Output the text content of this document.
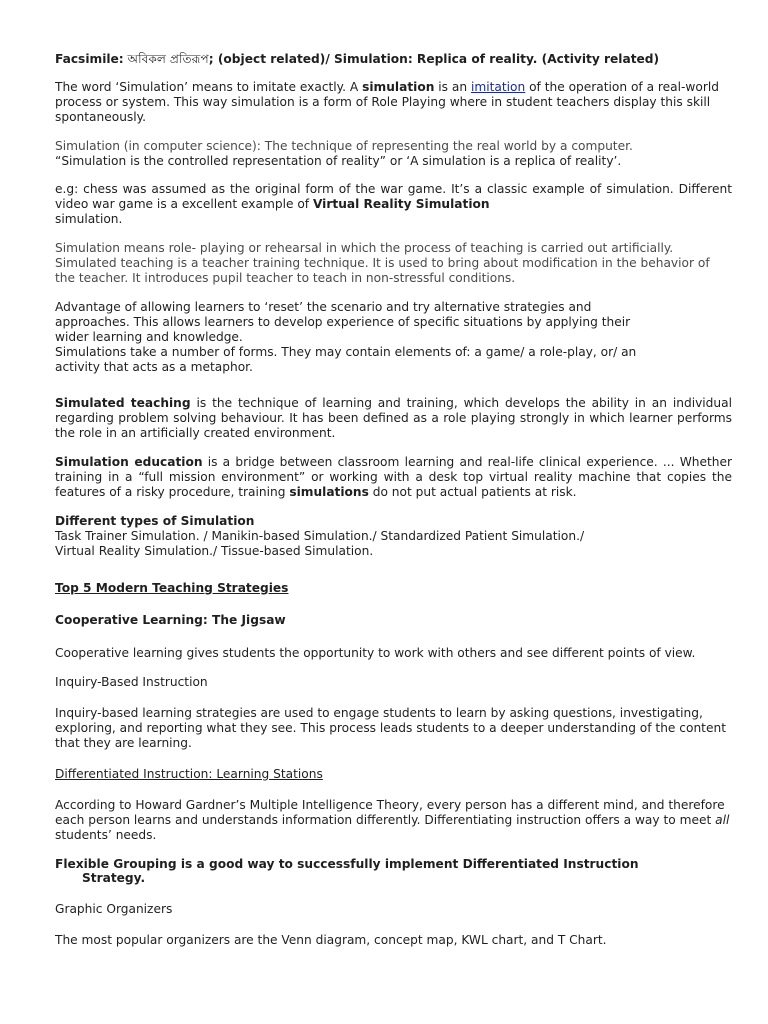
Facsimile: অবিকল প্রতিরূপ; (object related)/ Simulation: Replica of reality. (Activity related)
The word ‘Simulation’ means to imitate exactly. A simulation is an imitation of the operation of a real-world process or system. This way simulation is a form of Role Playing where in student teachers display this skill spontaneously.
Simulation (in computer science): The technique of representing the real world by a computer.
“Simulation is the controlled representation of reality” or ‘A simulation is a replica of reality’.
e.g: chess was assumed as the original form of the war game. It’s a classic example of simulation. Different video war game is a excellent example of Virtual Reality Simulation
simulation.
Simulation means role- playing or rehearsal in which the process of teaching is carried out artificially. Simulated teaching is a teacher training technique. It is used to bring about modification in the behavior of the teacher. It introduces pupil teacher to teach in non-stressful conditions.
Advantage of allowing learners to ‘reset’ the scenario and try alternative strategies and
approaches. This allows learners to develop experience of specific situations by applying their
wider learning and knowledge.
Simulations take a number of forms. They may contain elements of: a game/ a role-play, or/ an
activity that acts as a metaphor.
Simulated teaching is the technique of learning and training, which develops the ability in an individual regarding problem solving behaviour. It has been defined as a role playing strongly in which learner performs the role in an artificially created environment.
Simulation education is a bridge between classroom learning and real-life clinical experience. ... Whether training in a “full mission environment” or working with a desk top virtual reality machine that copies the features of a risky procedure, training simulations do not put actual patients at risk.
Different types of Simulation
Task Trainer Simulation. / Manikin-based Simulation./ Standardized Patient Simulation./
Virtual Reality Simulation./ Tissue-based Simulation.
Top 5 Modern Teaching Strategies
Cooperative Learning: The Jigsaw
Cooperative learning gives students the opportunity to work with others and see different points of view.
Inquiry-Based Instruction
Inquiry-based learning strategies are used to engage students to learn by asking questions, investigating, exploring, and reporting what they see. This process leads students to a deeper understanding of the content that they are learning.
Differentiated Instruction: Learning Stations
According to Howard Gardner’s Multiple Intelligence Theory, every person has a different mind, and therefore each person learns and understands information differently. Differentiating instruction offers a way to meet all students’ needs.
Flexible Grouping is a good way to successfully implement Differentiated Instruction
Strategy.
Graphic Organizers
The most popular organizers are the Venn diagram, concept map, KWL chart, and T Chart.
